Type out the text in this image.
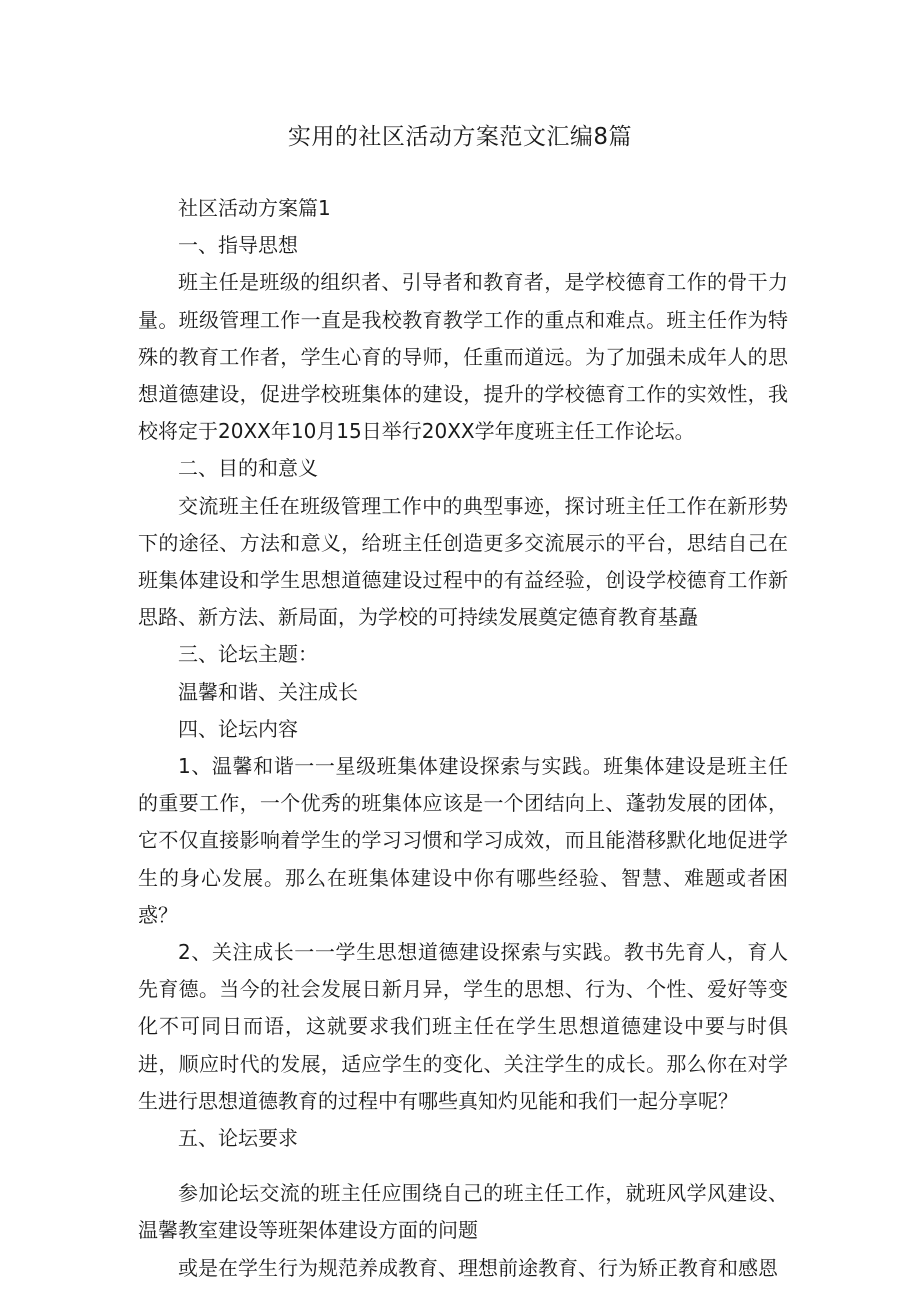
实用的社区活动方案范文汇编8篇

社区活动方案篇1

一、指导思想

班主任是班级的组织者、引导者和教育者，是学校德育工作的骨干力量。班级管理工作一直是我校教育教学工作的重点和难点。班主任作为特殊的教育工作者，学生心育的导师，任重而道远。为了加强未成年人的思想道德建设，促进学校班集体的建设，提升的学校德育工作的实效性，我校将定于20XX年10月15日举行20XX学年度班主任工作论坛。

二、目的和意义

交流班主任在班级管理工作中的典型事迹，探讨班主任工作在新形势下的途径、方法和意义，给班主任创造更多交流展示的平台，思结自己在班集体建设和学生思想道德建设过程中的有益经验，创设学校德育工作新思路、新方法、新局面，为学校的可持续发展奠定德育教育基矗

三、论坛主题：

温馨和谐、关注成长

四、论坛内容

1、温馨和谐一一星级班集体建设探索与实践。班集体建设是班主任的重要工作，一个优秀的班集体应该是一个团结向上、蓬勃发展的团体，它不仅直接影响着学生的学习习惯和学习成效，而且能潜移默化地促进学生的身心发展。那么在班集体建设中你有哪些经验、智慧、难题或者困惑？

2、关注成长一一学生思想道德建设探索与实践。教书先育人，育人先育德。当今的社会发展日新月异，学生的思想、行为、个性、爱好等变化不可同日而语，这就要求我们班主任在学生思想道德建设中要与时俱进，顺应时代的发展，适应学生的变化、关注学生的成长。那么你在对学生进行思想道德教育的过程中有哪些真知灼见能和我们一起分享呢？

五、论坛要求

参加论坛交流的班主任应围绕自己的班主任工作，就班风学风建设、温馨教室建设等班架体建设方面的问题

或是在学生行为规范养成教育、理想前途教育、行为矫正教育和感恩
